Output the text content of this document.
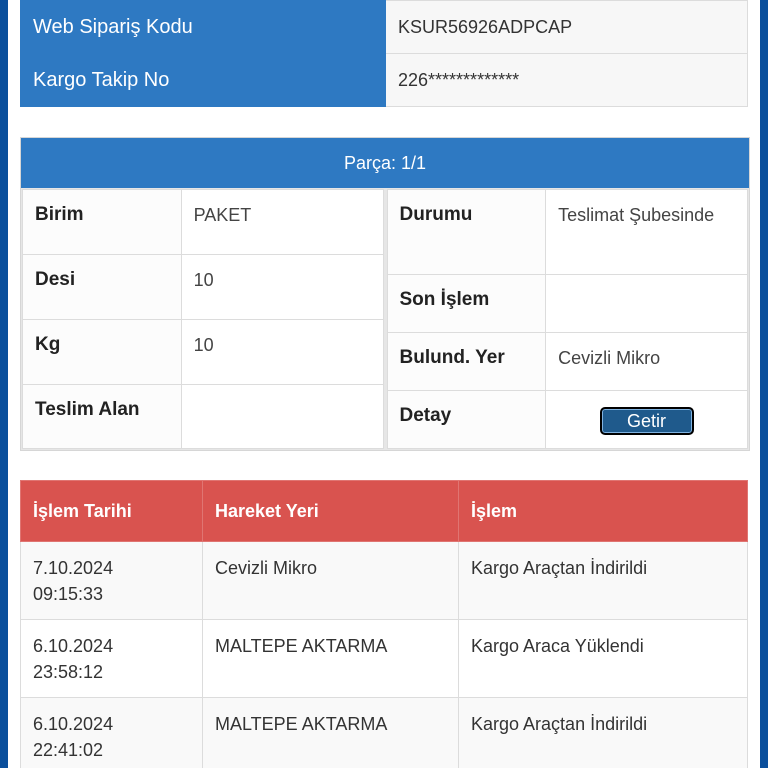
Web Sipariş Kodu	KSUR56926ADPCAP
Kargo Takip No	226*************
Parça: 1/1
Birim	PAKET
Desi	10
Kg	10
Teslim Alan	
Durumu	Teslimat Şubesinde
Son İşlem	
Bulund. Yer	Cevizli Mikro
Detay	Getir
İşlem Tarihi	Hareket Yeri	İşlem
7.10.2024
09:15:33	Cevizli Mikro	Kargo Araçtan İndirildi
6.10.2024
23:58:12	MALTEPE AKTARMA	Kargo Araca Yüklendi
6.10.2024
22:41:02	MALTEPE AKTARMA	Kargo Araçtan İndirildi
